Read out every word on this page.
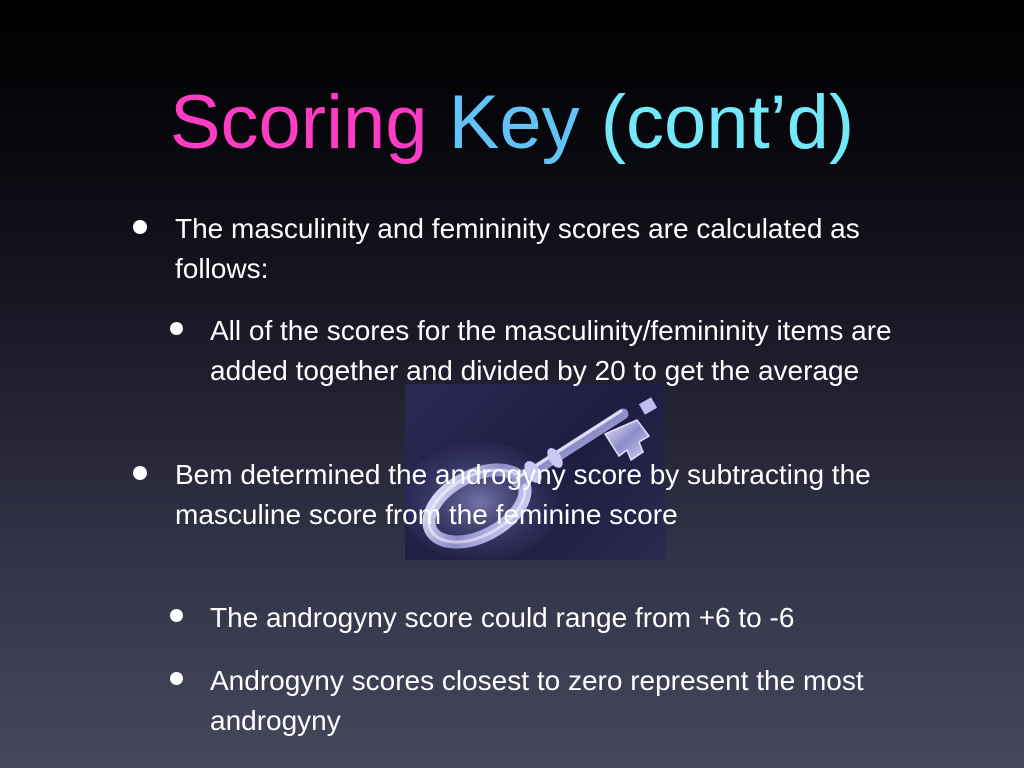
Scoring Key (cont’d)
The masculinity and femininity scores are calculated as follows:
All of the scores for the masculinity/femininity items are added together and divided by 20 to get the average
Bem determined the androgyny score by subtracting the masculine score from the feminine score
The androgyny score could range from +6 to -6
Androgyny scores closest to zero represent the most androgyny
